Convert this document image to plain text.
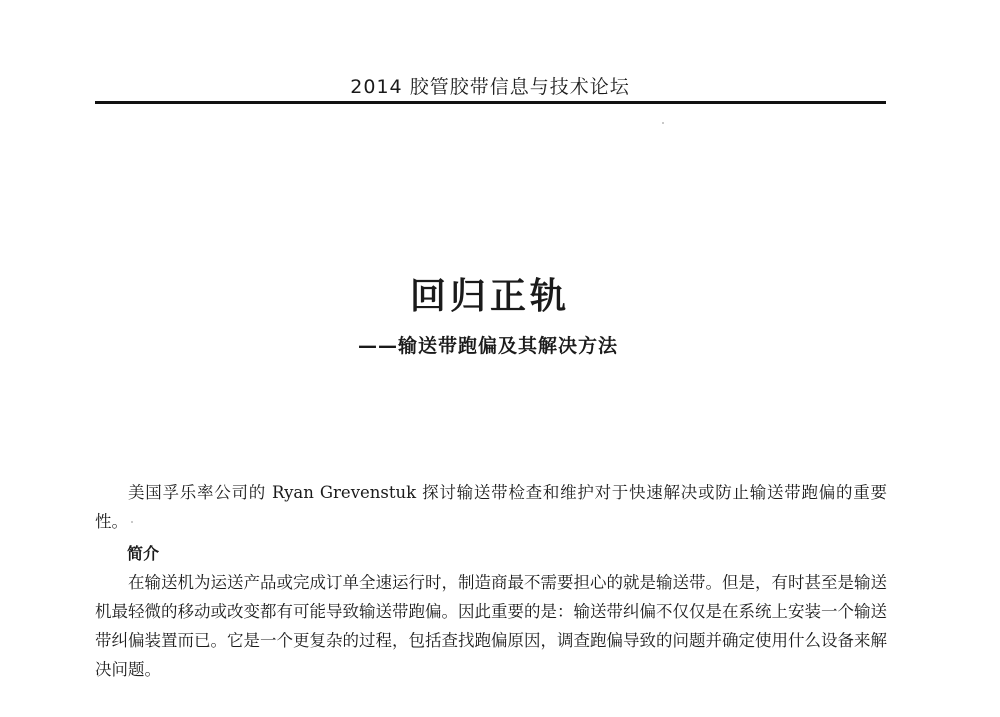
2014 胶管胶带信息与技术论坛
回归正轨
——输送带跑偏及其解决方法

美国孚乐率公司的 Ryan Grevenstuk 探讨输送带检查和维护对于快速解决或防止输送带跑偏的重要性。

简介

在输送机为运送产品或完成订单全速运行时，制造商最不需要担心的就是输送带。但是，有时甚至是输送机最轻微的移动或改变都有可能导致输送带跑偏。因此重要的是：输送带纠偏不仅仅是在系统上安装一个输送带纠偏装置而已。它是一个更复杂的过程，包括查找跑偏原因，调查跑偏导致的问题并确定使用什么设备来解决问题。
